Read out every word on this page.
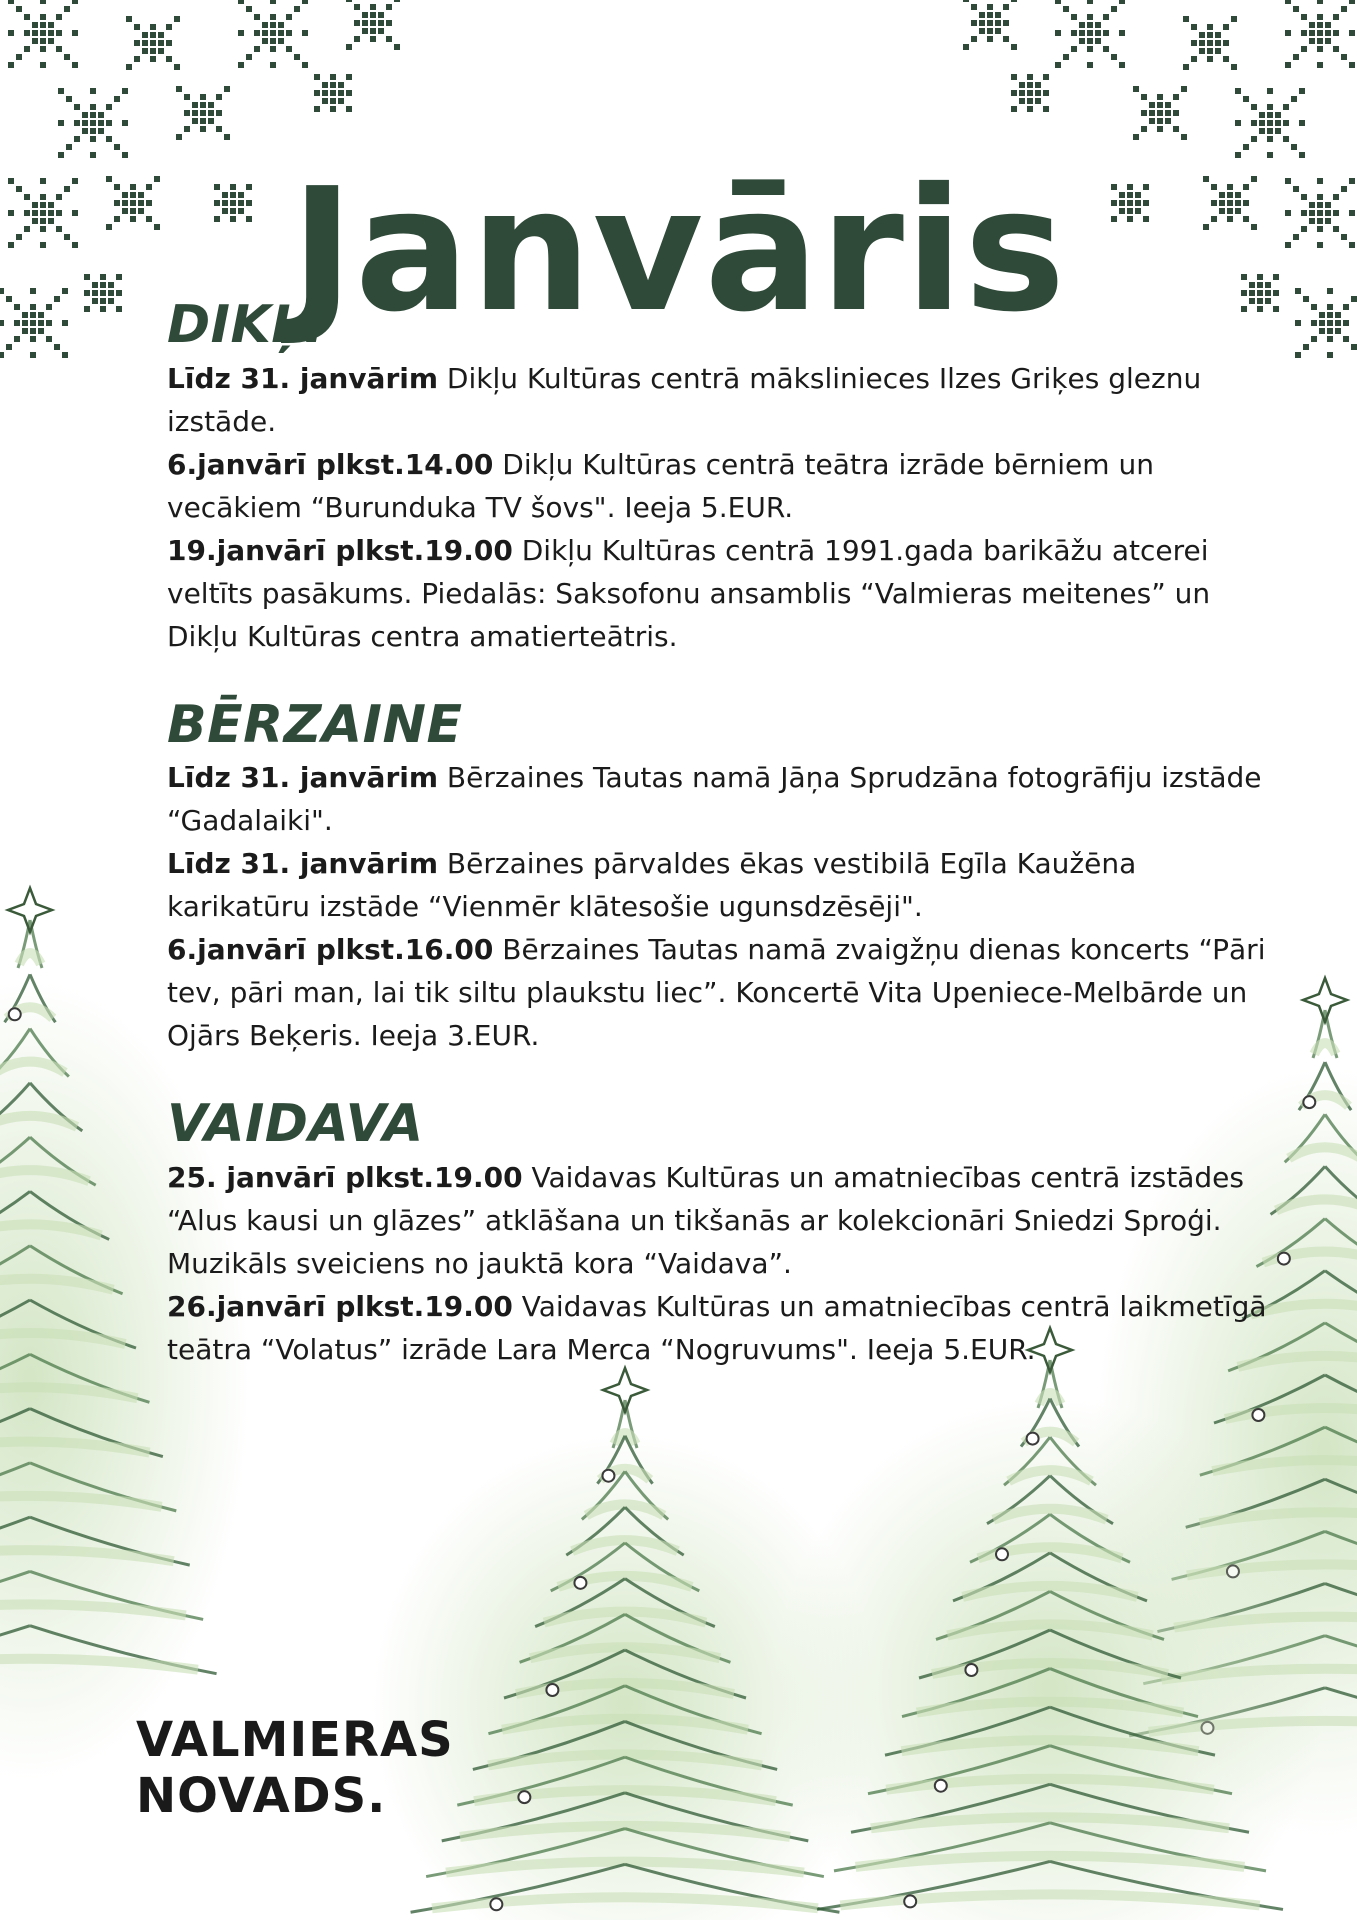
Janvāris
DIKĻI

Līdz 31. janvārim Dikļu Kultūras centrā mākslinieces Ilzes Griķes gleznu izstāde.

6.janvārī plkst.14.00 Dikļu Kultūras centrā teātra izrāde bērniem un vecākiem “Burunduka TV šovs". Ieeja 5.EUR.

19.janvārī plkst.19.00 Dikļu Kultūras centrā 1991.gada barikāžu atcerei veltīts pasākums. Piedalās: Saksofonu ansamblis “Valmieras meitenes” un Dikļu Kultūras centra amatierteātris.

BĒRZAINE

Līdz 31. janvārim Bērzaines Tautas namā Jāņa Sprudzāna fotogrāfiju izstāde “Gadalaiki".

Līdz 31. janvārim Bērzaines pārvaldes ēkas vestibilā Egīla Kaužēna karikatūru izstāde “Vienmēr klātesošie ugunsdzēsēji".

6.janvārī plkst.16.00 Bērzaines Tautas namā zvaigžņu dienas koncerts “Pāri tev, pāri man, lai tik siltu plaukstu liec”. Koncertē Vita Upeniece-Melbārde un Ojārs Beķeris. Ieeja 3.EUR.

VAIDAVA

25. janvārī plkst.19.00 Vaidavas Kultūras un amatniecības centrā izstādes “Alus kausi un glāzes” atklāšana un tikšanās ar kolekcionāri Sniedzi Sproģi. Muzikāls sveiciens no jauktā kora “Vaidava”.

26.janvārī plkst.19.00 Vaidavas Kultūras un amatniecības centrā laikmetīgā teātra “Volatus” izrāde Lara Merca “Nogruvums". Ieeja 5.EUR.

VALMIERAS
NOVADS.
